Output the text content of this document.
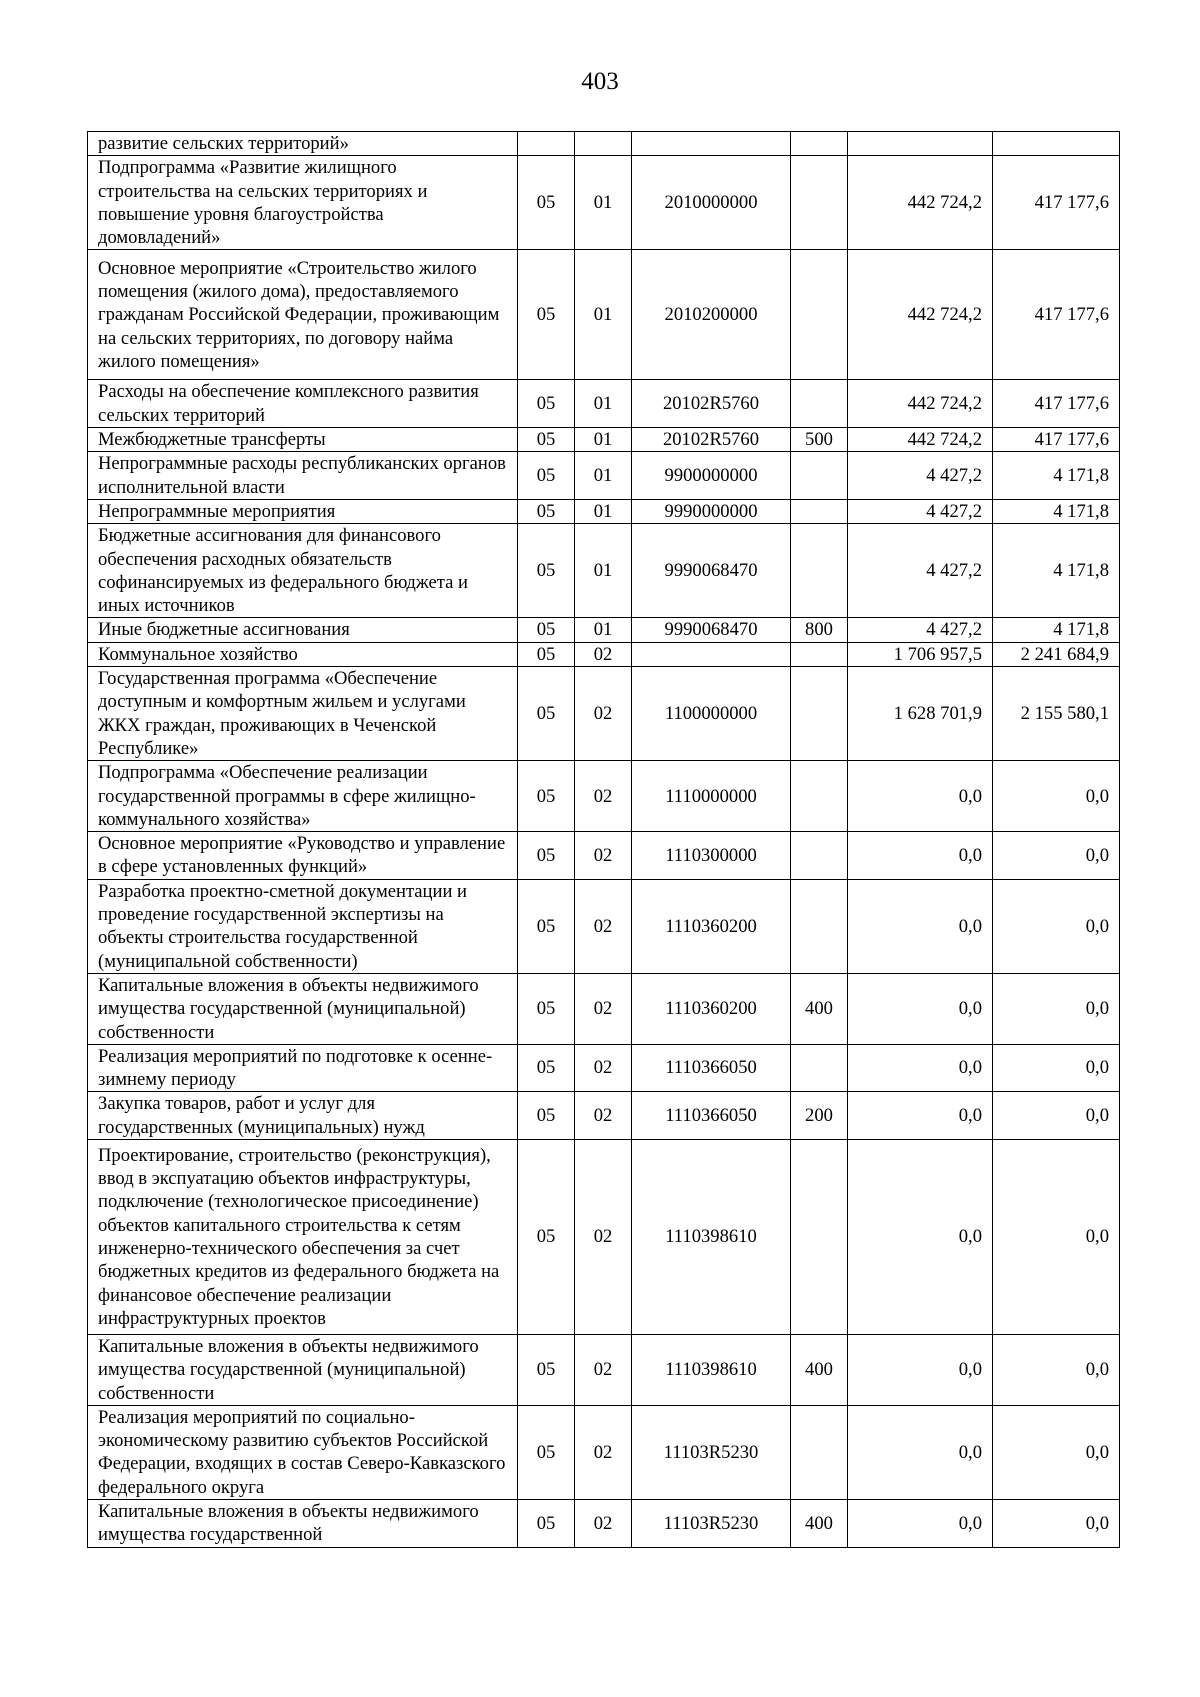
403
развитие сельских территорий»						
Подпрограмма «Развитие жилищного строительства на сельских территориях и повышение уровня благоустройства домовладений»	05	01	2010000000		442 724,2	417 177,6
Основное мероприятие «Строительство жилого помещения (жилого дома), предоставляемого гражданам Российской Федерации, проживающим на сельских территориях, по договору найма жилого помещения»	05	01	2010200000		442 724,2	417 177,6
Расходы на обеспечение комплексного развития сельских территорий	05	01	20102R5760		442 724,2	417 177,6
Межбюджетные трансферты	05	01	20102R5760	500	442 724,2	417 177,6
Непрограммные расходы республиканских органов исполнительной власти	05	01	9900000000		4 427,2	4 171,8
Непрограммные мероприятия	05	01	9990000000		4 427,2	4 171,8
Бюджетные ассигнования для финансового обеспечения расходных обязательств софинансируемых из федерального бюджета и иных источников	05	01	9990068470		4 427,2	4 171,8
Иные бюджетные ассигнования	05	01	9990068470	800	4 427,2	4 171,8
Коммунальное хозяйство	05	02			1 706 957,5	2 241 684,9
Государственная программа «Обеспечение доступным и комфортным жильем и услугами ЖКХ граждан, проживающих в Чеченской Республике»	05	02	1100000000		1 628 701,9	2 155 580,1
Подпрограмма «Обеспечение реализации государственной программы в сфере жилищно-коммунального хозяйства»	05	02	1110000000		0,0	0,0
Основное мероприятие «Руководство и управление в сфере установленных функций»	05	02	1110300000		0,0	0,0
Разработка проектно-сметной документации и проведение государственной экспертизы на объекты строительства государственной (муниципальной собственности)	05	02	1110360200		0,0	0,0
Капитальные вложения в объекты недвижимого имущества государственной (муниципальной) собственности	05	02	1110360200	400	0,0	0,0
Реализация мероприятий по подготовке к осенне-зимнему периоду	05	02	1110366050		0,0	0,0
Закупка товаров, работ и услуг для государственных (муниципальных) нужд	05	02	1110366050	200	0,0	0,0
Проектирование, строительство (реконструкция), ввод в экспуатацию объектов инфраструктуры, подключение (технологическое присоединение) объектов капитального строительства к сетям инженерно-технического обеспечения за счет бюджетных кредитов из федерального бюджета на финансовое обеспечение реализации инфраструктурных проектов	05	02	1110398610		0,0	0,0
Капитальные вложения в объекты недвижимого имущества государственной (муниципальной) собственности	05	02	1110398610	400	0,0	0,0
Реализация мероприятий по социально-экономическому развитию субъектов Российской Федерации, входящих в состав Северо-Кавказского федерального округа	05	02	11103R5230		0,0	0,0
Капитальные вложения в объекты недвижимого имущества государственной	05	02	11103R5230	400	0,0	0,0
